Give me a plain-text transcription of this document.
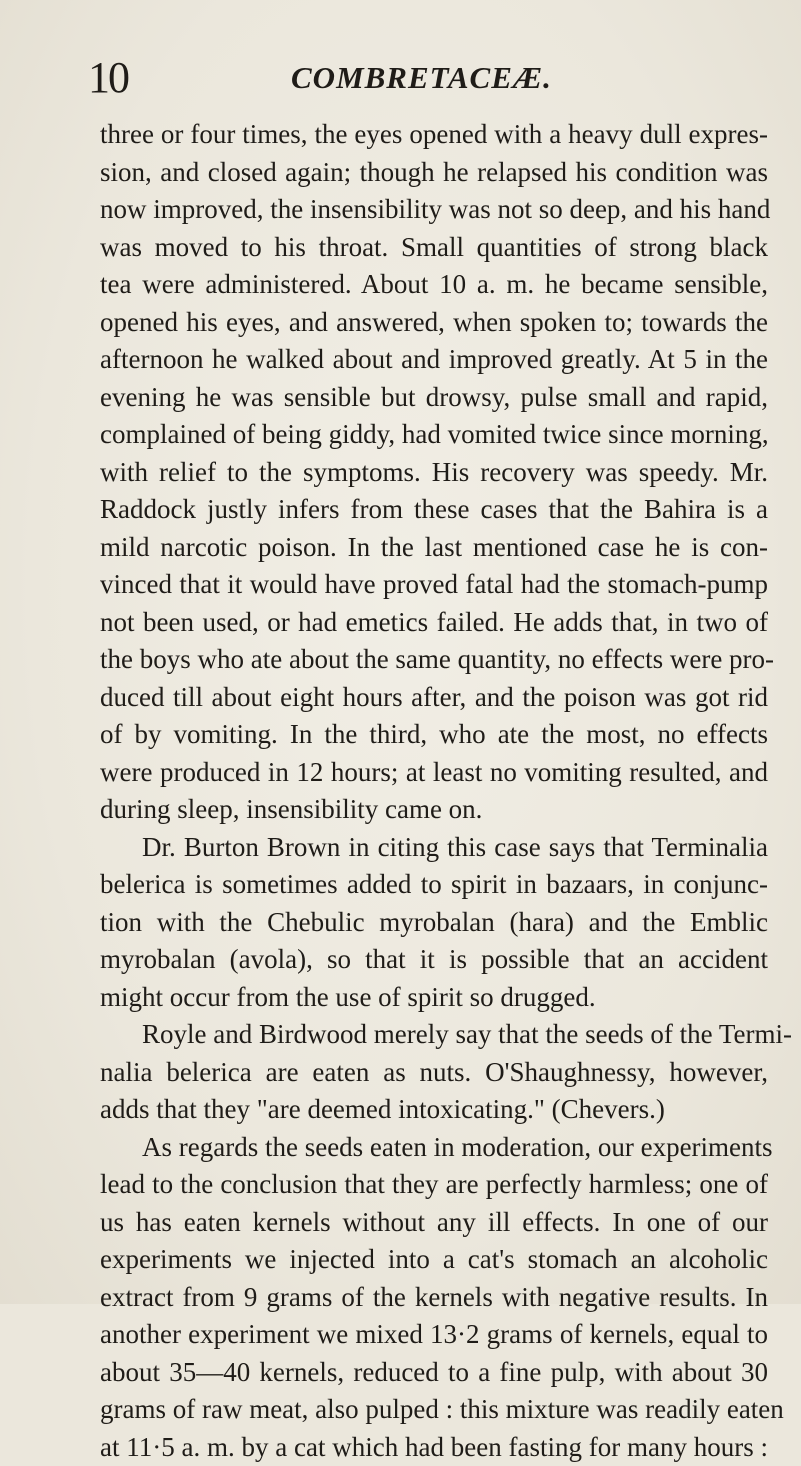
10	COMBRETACEÆ.
three or four times, the eyes opened with a heavy dull expres-
sion, and closed again; though he relapsed his condition was
now improved, the insensibility was not so deep, and his hand
was moved to his throat. Small quantities of strong black
tea were administered. About 10 a. m. he became sensible,
opened his eyes, and answered, when spoken to; towards the
afternoon he walked about and improved greatly. At 5 in the
evening he was sensible but drowsy, pulse small and rapid,
complained of being giddy, had vomited twice since morning,
with relief to the symptoms. His recovery was speedy. Mr.
Raddock justly infers from these cases that the Bahira is a
mild narcotic poison. In the last mentioned case he is con-
vinced that it would have proved fatal had the stomach-pump
not been used, or had emetics failed. He adds that, in two of
the boys who ate about the same quantity, no effects were pro-
duced till about eight hours after, and the poison was got rid
of by vomiting. In the third, who ate the most, no effects
were produced in 12 hours; at least no vomiting resulted, and
during sleep, insensibility came on.
Dr. Burton Brown in citing this case says that Terminalia
belerica is sometimes added to spirit in bazaars, in conjunc-
tion with the Chebulic myrobalan (hara) and the Emblic
myrobalan (avola), so that it is possible that an accident
might occur from the use of spirit so drugged.
Royle and Birdwood merely say that the seeds of the Termi-
nalia belerica are eaten as nuts. O'Shaughnessy, however,
adds that they "are deemed intoxicating." (Chevers.)
As regards the seeds eaten in moderation, our experiments
lead to the conclusion that they are perfectly harmless; one of
us has eaten kernels without any ill effects. In one of our
experiments we injected into a cat's stomach an alcoholic
extract from 9 grams of the kernels with negative results. In
another experiment we mixed 13·2 grams of kernels, equal to
about 35—40 kernels, reduced to a fine pulp, with about 30
grams of raw meat, also pulped : this mixture was readily eaten
at 11·5 a. m. by a cat which had been fasting for many hours :
